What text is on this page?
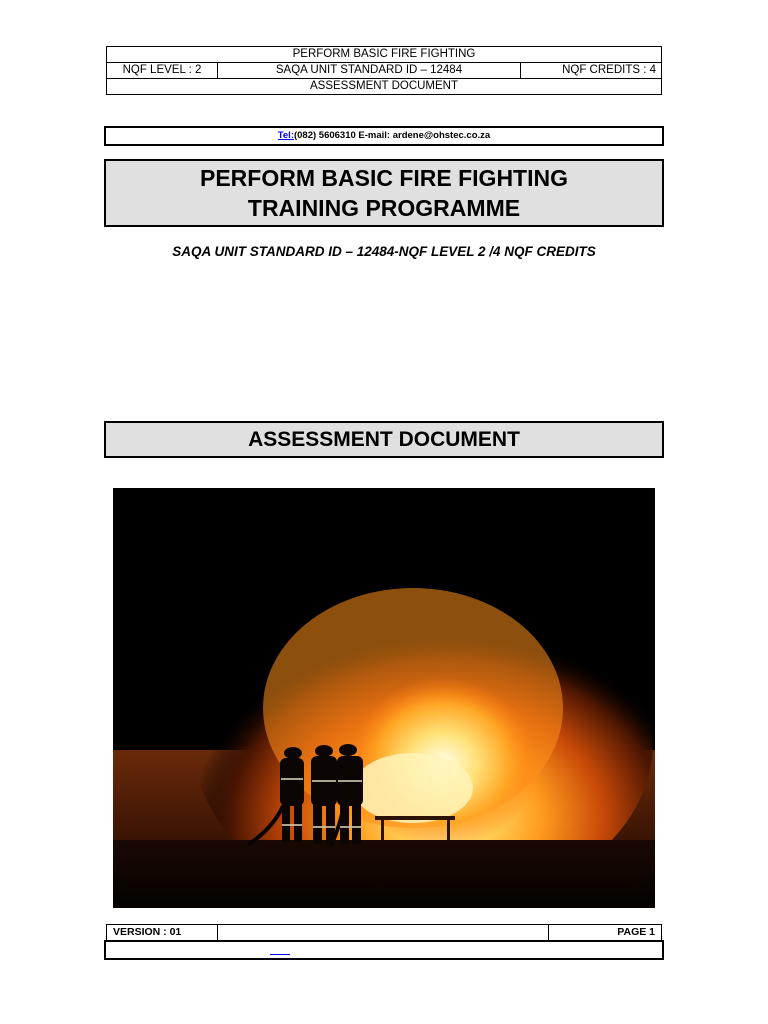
PERFORM BASIC FIRE FIGHTING
NQF LEVEL : 2	SAQA UNIT STANDARD ID – 12484	NQF CREDITS : 4
ASSESSMENT DOCUMENT
Tel:(082) 5606310 E-mail: ardene@ohstec.co.za
PERFORM BASIC FIRE FIGHTING
TRAINING PROGRAMME
SAQA UNIT STANDARD ID – 12484-NQF LEVEL 2 /4 NQF CREDITS
ASSESSMENT DOCUMENT
VERSION : 01	PAGE 1
